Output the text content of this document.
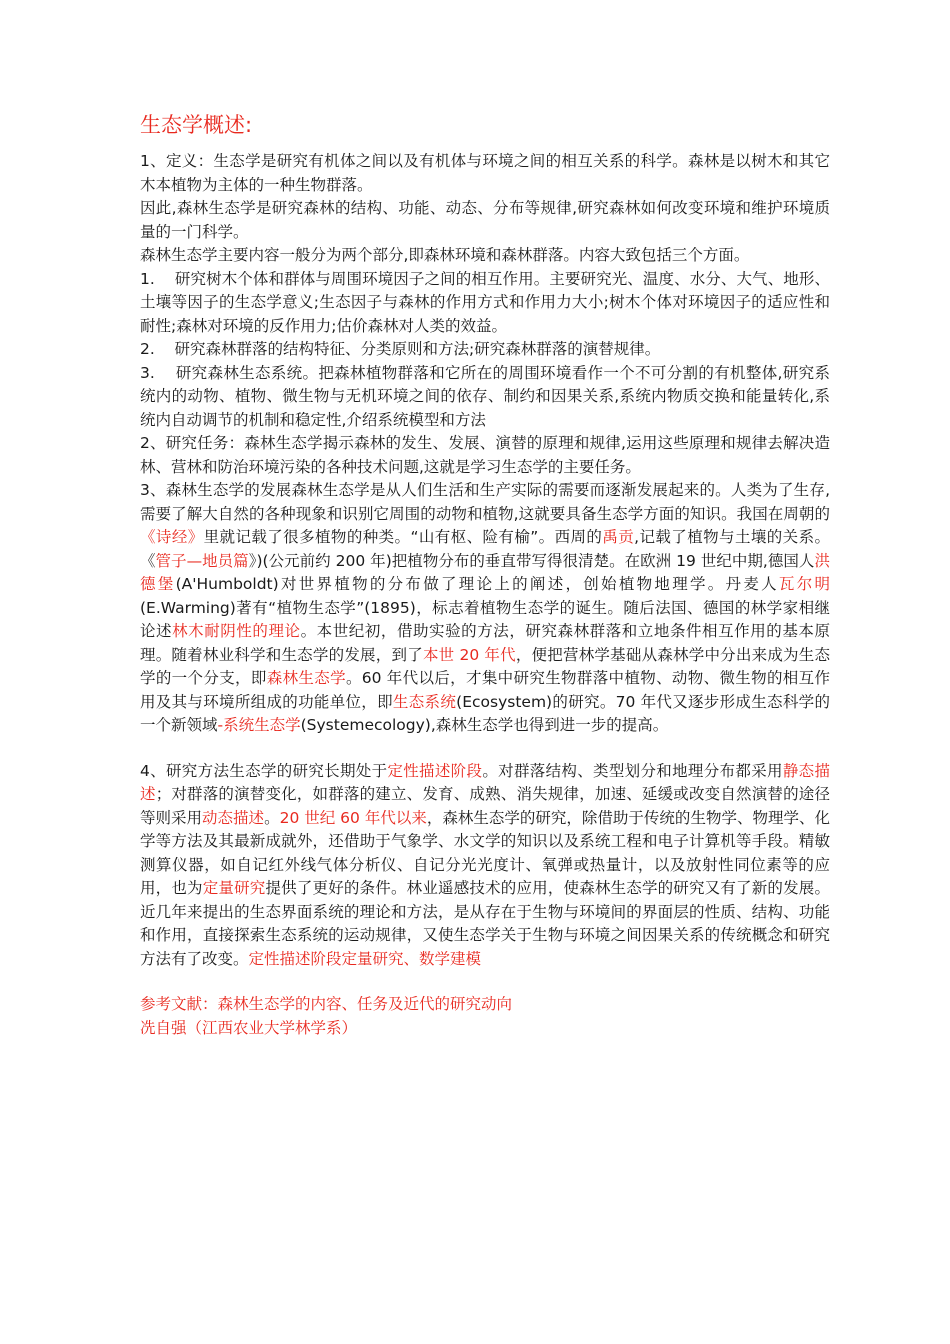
生态学概述:

1、定义：生态学是研究有机体之间以及有机体与环境之间的相互关系的科学。森林是以树木和其它木本植物为主体的一种生物群落。

因此,森林生态学是研究森林的结构、功能、动态、分布等规律,研究森林如何改变环境和维护环境质量的一门科学。

森林生态学主要内容一般分为两个部分,即森林环境和森林群落。内容大致包括三个方面。

1.    研究树木个体和群体与周围环境因子之间的相互作用。主要研究光、温度、水分、大气、地形、土壤等因子的生态学意义;生态因子与森林的作用方式和作用力大小;树木个体对环境因子的适应性和耐性;森林对环境的反作用力;估价森林对人类的效益。

2.    研究森林群落的结构特征、分类原则和方法;研究森林群落的演替规律。

3.    研究森林生态系统。把森林植物群落和它所在的周围环境看作一个不可分割的有机整体,研究系统内的动物、植物、微生物与无机环境之间的依存、制约和因果关系,系统内物质交换和能量转化,系统内自动调节的机制和稳定性,介绍系统模型和方法

2、研究任务：森林生态学揭示森林的发生、发展、演替的原理和规律,运用这些原理和规律去解决造林、营林和防治环境污染的各种技术问题,这就是学习生态学的主要任务。

3、森林生态学的发展森林生态学是从人们生活和生产实际的需要而逐渐发展起来的。人类为了生存,需要了解大自然的各种现象和识别它周围的动物和植物,这就要具备生态学方面的知识。我国在周朝的《诗经》里就记载了很多植物的种类。“山有枢、险有榆”。西周的禹贡,记载了植物与土壤的关系。《管子—地员篇》)(公元前约 200 年)把植物分布的垂直带写得很清楚。在欧洲 19 世纪中期,德国人洪德堡(A'Humboldt)对世界植物的分布做了理论上的阐述，创始植物地理学。丹麦人瓦尔明(E.Warming)著有“植物生态学”(1895)，标志着植物生态学的诞生。随后法国、德国的林学家相继论述林木耐阴性的理论。本世纪初，借助实验的方法，研究森林群落和立地条件相互作用的基本原理。随着林业科学和生态学的发展，到了本世 20 年代，便把营林学基础从森林学中分出来成为生态学的一个分支，即森林生态学。60 年代以后，才集中研究生物群落中植物、动物、微生物的相互作用及其与环境所组成的功能单位，即生态系统(Ecosystem)的研究。70 年代又逐步形成生态科学的一个新领域-系统生态学(Systemecology),森林生态学也得到进一步的提高。

4、研究方法生态学的研究长期处于定性描述阶段。对群落结构、类型划分和地理分布都采用静态描述；对群落的演替变化，如群落的建立、发育、成熟、消失规律，加速、延缓或改变自然演替的途径等则采用动态描述。20 世纪 60 年代以来，森林生态学的研究，除借助于传统的生物学、物理学、化学等方法及其最新成就外，还借助于气象学、水文学的知识以及系统工程和电子计算机等手段。精敏测算仪器，如自记红外线气体分析仪、自记分光光度计、氧弹或热量计，以及放射性同位素等的应用，也为定量研究提供了更好的条件。林业遥感技术的应用，使森林生态学的研究又有了新的发展。近几年来提出的生态界面系统的理论和方法，是从存在于生物与环境间的界面层的性质、结构、功能和作用，直接探索生态系统的运动规律，又使生态学关于生物与环境之间因果关系的传统概念和研究方法有了改变。定性描述阶段定量研究、数学建模

参考文献：森林生态学的内容、任务及近代的研究动向

冼自强（江西农业大学林学系）
